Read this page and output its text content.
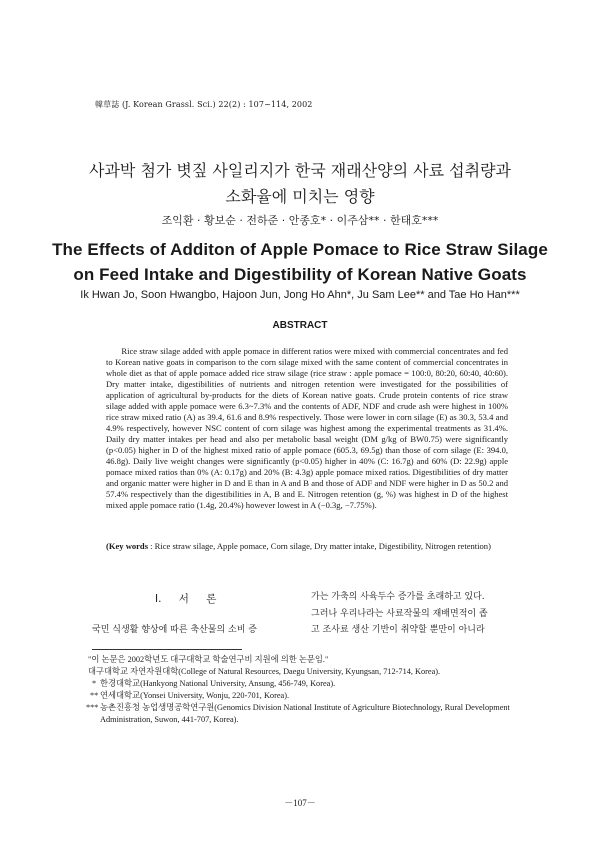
韓草誌 (J. Korean Grassl. Sci.) 22(2) : 107~114, 2002
사과박 첨가 볏짚 사일리지가 한국 재래산양의 사료 섭취량과
소화율에 미치는 영향
조익환 · 황보순 · 전하준 · 안종호* · 이주삼** · 한태호***
The Effects of Additon of Apple Pomace to Rice Straw Silage
on Feed Intake and Digestibility of Korean Native Goats
Ik Hwan Jo, Soon Hwangbo, Hajoon Jun, Jong Ho Ahn*, Ju Sam Lee** and Tae Ho Han***
ABSTRACT

Rice straw silage added with apple pomace in different ratios were mixed with commercial concentrates and fed to Korean native goats in comparison to the corn silage mixed with the same content of commercial concentrates in whole diet as that of apple pomace added rice straw silage (rice straw : apple pomace = 100:0, 80:20, 60:40, 40:60). Dry matter intake, digestibilities of nutrients and nitrogen retention were investigated for the possibilities of application of agricultural by-products for the diets of Korean native goats. Crude protein contents of rice straw silage added with apple pomace were 6.3~7.3% and the contents of ADF, NDF and crude ash were highest in 100% rice straw mixed ratio (A) as 39.4, 61.6 and 8.9% respectively. Those were lower in corn silage (E) as 30.3, 53.4 and 4.9% respectively, however NSC content of corn silage was highest among the experimental treatments as 31.4%. Daily dry matter intakes per head and also per metabolic basal weight (DM g/kg of BW0.75) were significantly (p<0.05) higher in D of the highest mixed ratio of apple pomace (605.3, 69.5g) than those of corn silage (E: 394.0, 46.8g). Daily live weight changes were significantly (p<0.05) higher in 40% (C: 16.7g) and 60% (D: 22.9g) apple pomace mixed ratios than 0% (A: 0.17g) and 20% (B: 4.3g) apple pomace mixed ratios. Digestibilities of dry matter and organic matter were higher in D and E than in A and B and those of ADF and NDF were higher in D as 50.2 and 57.4% respectively than the digestibilities in A, B and E. Nitrogen retention (g, %) was highest in D of the highest mixed apple pomace ratio (1.4g, 20.4%) however lowest in A (−0.3g, −7.75%).

(Key words : Rice straw silage, Apple pomace, Corn silage, Dry matter intake, Digestibility, Nitrogen retention)
Ⅰ. 서 론
국민 식생활 향상에 따른 축산물의 소비 증
가는 가축의 사육두수 증가를 초래하고 있다.
그러나 우리나라는 사료작물의 재배면적이 좁
고 조사료 생산 기반이 취약할 뿐만이 아니라
"이 논문은 2002학년도 대구대학교 학술연구비 지원에 의한 논문임."
대구대학교 자연자원대학(College of Natural Resources, Daegu University, Kyungsan, 712-714, Korea).
* 한경대학교(Hankyong National University, Ansung, 456-749, Korea).
** 연세대학교(Yonsei University, Wonju, 220-701, Korea).
*** 농촌진흥청 농업생명공학연구원(Genomics Division National Institute of Agriculture Biotechnology, Rural Development Administration, Suwon, 441-707, Korea).
－107－
